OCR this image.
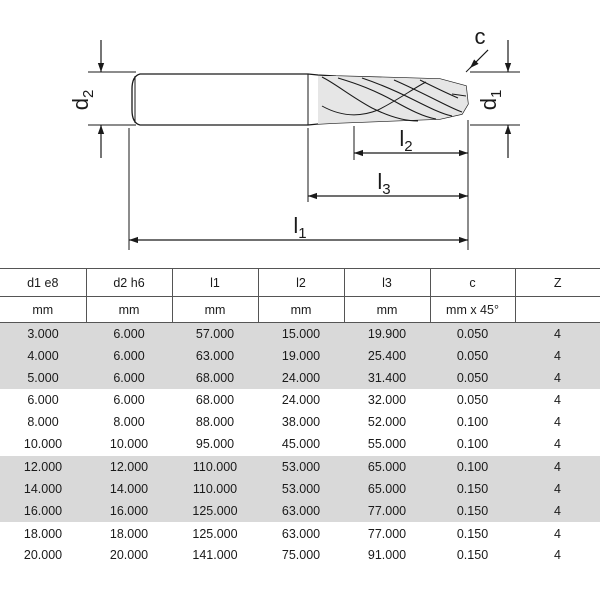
$d_2$
$d_1$
c
$l_2$
$l_3$
$l_1$
d1 e8	d2 h6	l1	l2	l3	c	Z
mm	mm	mm	mm	mm	mm x 45°	
3.000	6.000	57.000	15.000	19.900	0.050	4
4.000	6.000	63.000	19.000	25.400	0.050	4
5.000	6.000	68.000	24.000	31.400	0.050	4
6.000	6.000	68.000	24.000	32.000	0.050	4
8.000	8.000	88.000	38.000	52.000	0.100	4
10.000	10.000	95.000	45.000	55.000	0.100	4
12.000	12.000	110.000	53.000	65.000	0.100	4
14.000	14.000	110.000	53.000	65.000	0.150	4
16.000	16.000	125.000	63.000	77.000	0.150	4
18.000	18.000	125.000	63.000	77.000	0.150	4
20.000	20.000	141.000	75.000	91.000	0.150	4
